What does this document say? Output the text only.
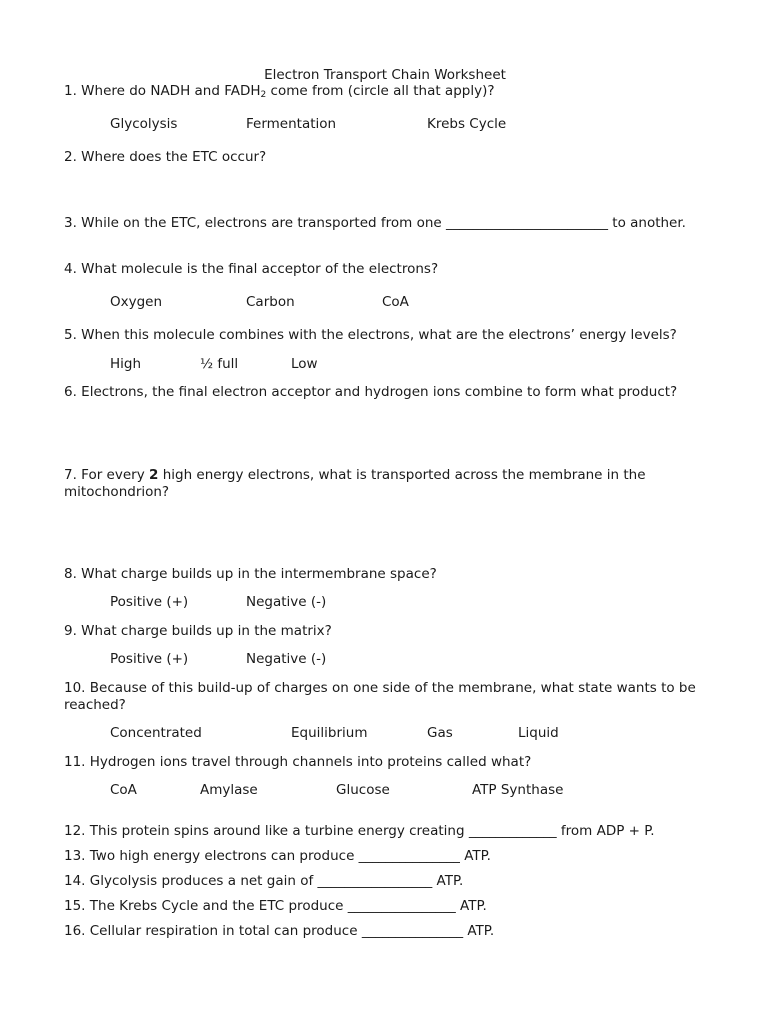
Electron Transport Chain Worksheet
1. Where do NADH and $FADH_2$ come from (circle all that apply)?
Glycolysis	Fermentation	Krebs Cycle
2. Where does the ETC occur?
3. While on the ETC, electrons are transported from one ________________________ to another.
4. What molecule is the final acceptor of the electrons?
Oxygen	Carbon	CoA
5. When this molecule combines with the electrons, what are the electrons’ energy levels?
High	½ full	Low
6. Electrons, the final electron acceptor and hydrogen ions combine to form what product?
7. For every 2 high energy electrons, what is transported across the membrane in the mitochondrion?
8. What charge builds up in the intermembrane space?
Positive (+)	Negative (-)
9. What charge builds up in the matrix?
Positive (+)	Negative (-)
10. Because of this build-up of charges on one side of the membrane, what state wants to be reached?
Concentrated	Equilibrium	Gas	Liquid
11. Hydrogen ions travel through channels into proteins called what?
CoA	Amylase	Glucose	ATP Synthase
12. This protein spins around like a turbine energy creating _____________ from ADP + P.
13. Two high energy electrons can produce _______________ ATP.
14. Glycolysis produces a net gain of _________________ ATP.
15. The Krebs Cycle and the ETC produce ________________ ATP.
16. Cellular respiration in total can produce _______________ ATP.
